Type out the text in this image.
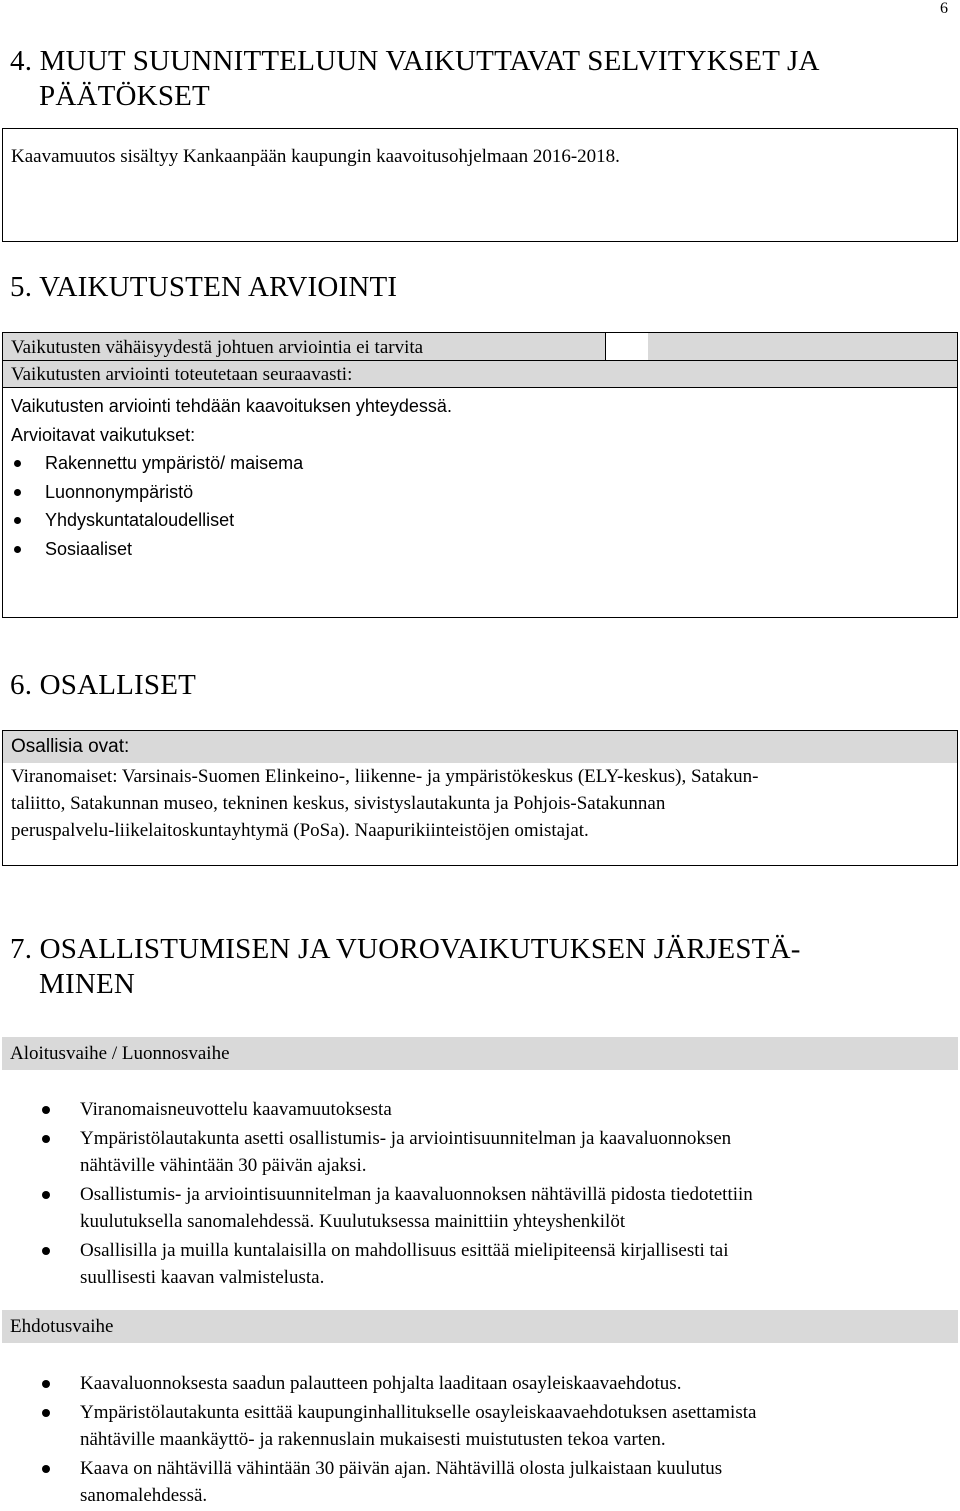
6
4. MUUT SUUNNITTELUUN VAIKUTTAVAT SELVITYKSET JA
PÄÄTÖKSET
Kaavamuutos sisältyy Kankaanpään kaupungin kaavoitusohjelmaan 2016-2018.
5. VAIKUTUSTEN ARVIOINTI
Vaikutusten vähäisyydestä johtuen arviointia ei tarvita
Vaikutusten arviointi toteutetaan seuraavasti:
Vaikutusten arviointi tehdään kaavoituksen yhteydessä.
Arvioitavat vaikutukset:
Rakennettu ympäristö/ maisema
Luonnonympäristö
Yhdyskuntataloudelliset
Sosiaaliset
6. OSALLISET
Osallisia ovat:
Viranomaiset: Varsinais-Suomen Elinkeino-, liikenne- ja ympäristökeskus (ELY-keskus), Satakun-
taliitto, Satakunnan museo, tekninen keskus, sivistyslautakunta ja Pohjois-Satakunnan
peruspalvelu-liikelaitoskuntayhtymä (PoSa). Naapurikiinteistöjen omistajat.
7. OSALLISTUMISEN JA VUOROVAIKUTUKSEN JÄRJESTÄ-
MINEN
Aloitusvaihe / Luonnosvaihe
Viranomaisneuvottelu kaavamuutoksesta
Ympäristölautakunta asetti osallistumis- ja arviointisuunnitelman ja kaavaluonnoksen
nähtäville vähintään 30 päivän ajaksi.
Osallistumis- ja arviointisuunnitelman ja kaavaluonnoksen nähtävillä pidosta tiedotettiin
kuulutuksella sanomalehdessä. Kuulutuksessa mainittiin yhteyshenkilöt
Osallisilla ja muilla kuntalaisilla on mahdollisuus esittää mielipiteensä kirjallisesti tai
suullisesti kaavan valmistelusta.
Ehdotusvaihe
Kaavaluonnoksesta saadun palautteen pohjalta laaditaan osayleiskaavaehdotus.
Ympäristölautakunta esittää kaupunginhallitukselle osayleiskaavaehdotuksen asettamista
nähtäville maankäyttö- ja rakennuslain mukaisesti muistutusten tekoa varten.
Kaava on nähtävillä vähintään 30 päivän ajan. Nähtävillä olosta julkaistaan kuulutus
sanomalehdessä.
